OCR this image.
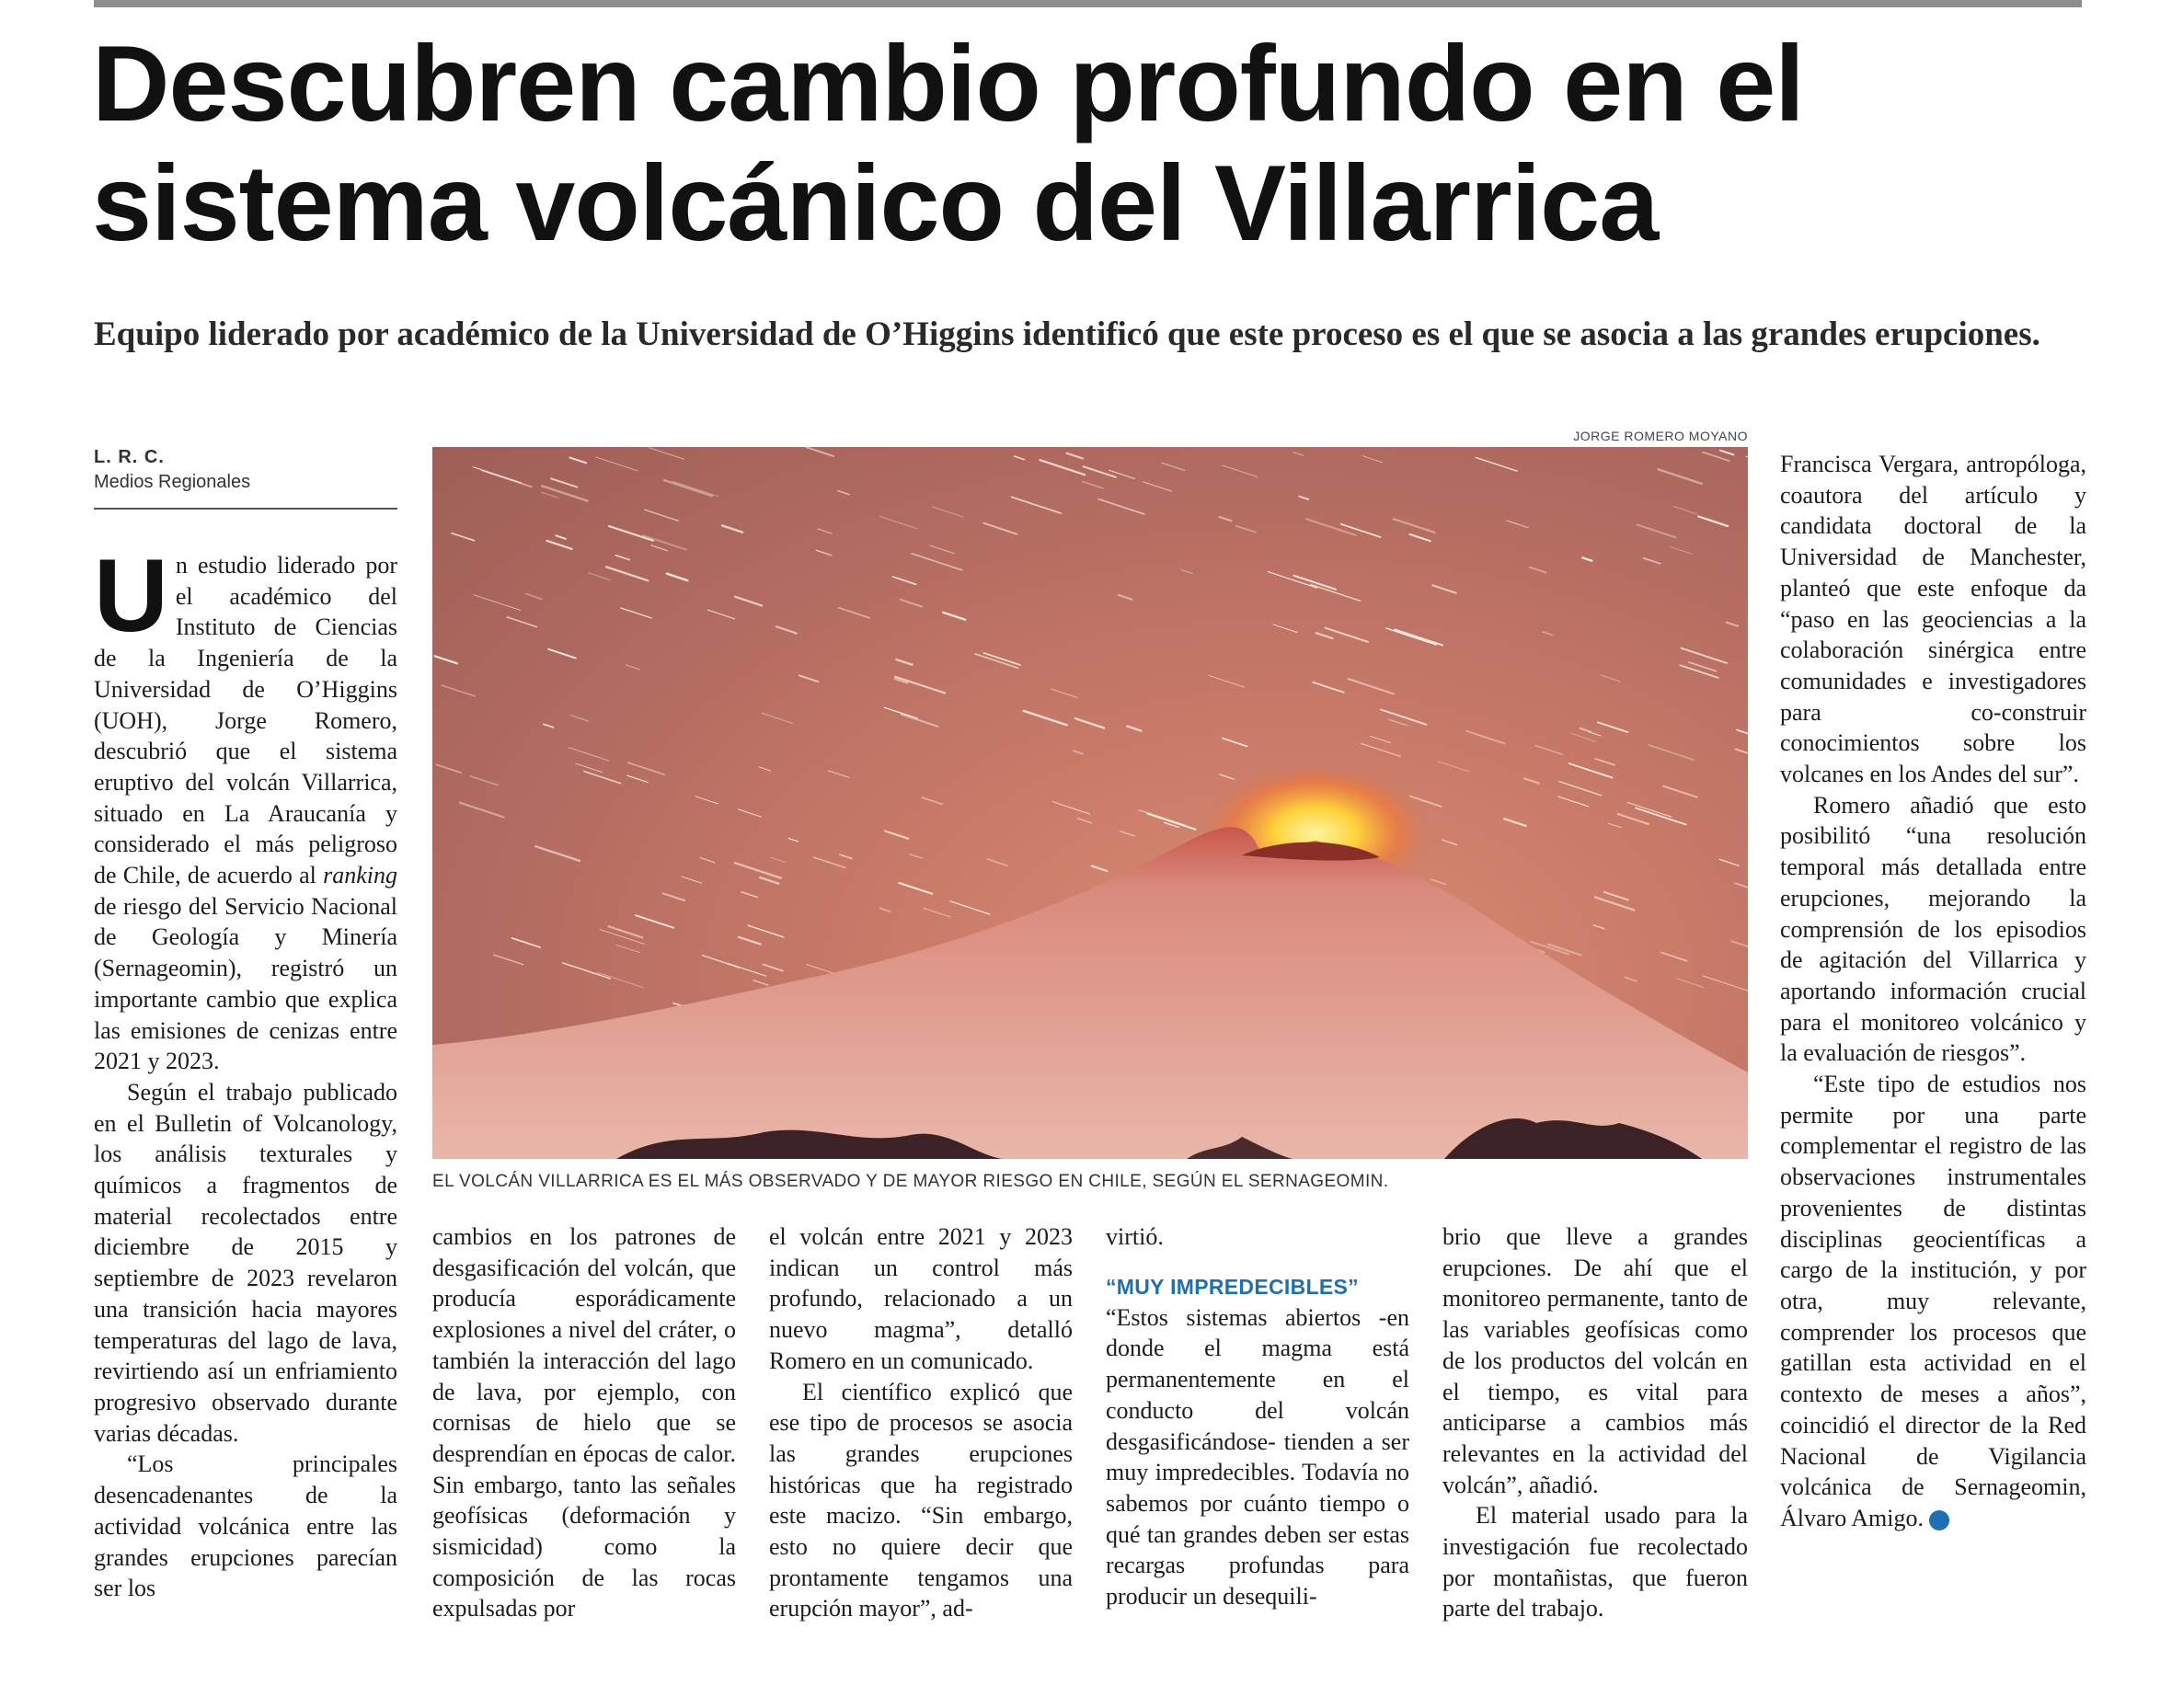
Descubren cambio profundo en el
sistema volcánico del Villarrica

Equipo liderado por académico de la Universidad de O’Higgins identificó que este proceso es el que se asocia a las grandes erupciones.

L. R. C.
Medios Regionales
JORGE ROMERO MOYANO
EL VOLCÁN VILLARRICA ES EL MÁS OBSERVADO Y DE MAYOR RIESGO EN CHILE, SEGÚN EL SERNAGEOMIN.

Un estudio liderado por el académico del Instituto de Ciencias de la Ingeniería de la Universidad de O’Higgins (UOH), Jorge Romero, descubrió que el sistema eruptivo del volcán Villarrica, situado en La Araucanía y considerado el más peligroso de Chile, de acuerdo al ranking de riesgo del Servicio Nacional de Geología y Minería (Sernageomin), registró un importante cambio que explica las emisiones de cenizas entre 2021 y 2023.

Según el trabajo publicado en el Bulletin of Volcanology, los análisis texturales y químicos a fragmentos de material recolectados entre diciembre de 2015 y septiembre de 2023 revelaron una transición hacia mayores temperaturas del lago de lava, revirtiendo así un enfriamiento progresivo observado durante varias décadas.

“Los principales desencadenantes de la actividad volcánica entre las grandes erupciones parecían ser los

cambios en los patrones de desgasificación del volcán, que producía esporádicamente explosiones a nivel del cráter, o también la interacción del lago de lava, por ejemplo, con cornisas de hielo que se desprendían en épocas de calor. Sin embargo, tanto las señales geofísicas (deformación y sismicidad) como la composición de las rocas expulsadas por

el volcán entre 2021 y 2023 indican un control más profundo, relacionado a un nuevo magma”, detalló Romero en un comunicado.

El científico explicó que ese tipo de procesos se asocia las grandes erupciones históricas que ha registrado este macizo. “Sin embargo, esto no quiere decir que prontamente tengamos una erupción mayor”, ad-

virtió.

“MUY IMPREDECIBLES”

“Estos sistemas abiertos -en donde el magma está permanentemente en el conducto del volcán desgasificándose- tienden a ser muy impredecibles. Todavía no sabemos por cuánto tiempo o qué tan grandes deben ser estas recargas profundas para producir un desequili-

brio que lleve a grandes erupciones. De ahí que el monitoreo permanente, tanto de las variables geofísicas como de los productos del volcán en el tiempo, es vital para anticiparse a cambios más relevantes en la actividad del volcán”, añadió.

El material usado para la investigación fue recolectado por montañistas, que fueron parte del trabajo.

Francisca Vergara, antropóloga, coautora del artículo y candidata doctoral de la Universidad de Manchester, planteó que este enfoque da “paso en las geociencias a la colaboración sinérgica entre comunidades e investigadores para co-construir conocimientos sobre los volcanes en los Andes del sur”.

Romero añadió que esto posibilitó “una resolución temporal más detallada entre erupciones, mejorando la comprensión de los episodios de agitación del Villarrica y aportando información crucial para el monitoreo volcánico y la evaluación de riesgos”.

“Este tipo de estudios nos permite por una parte complementar el registro de las observaciones instrumentales provenientes de distintas disciplinas geocientíficas a cargo de la institución, y por otra, muy relevante, comprender los procesos que gatillan esta actividad en el contexto de meses a años”, coincidió el director de la Red Nacional de Vigilancia volcánica de Sernageomin, Álvaro Amigo.	✦
